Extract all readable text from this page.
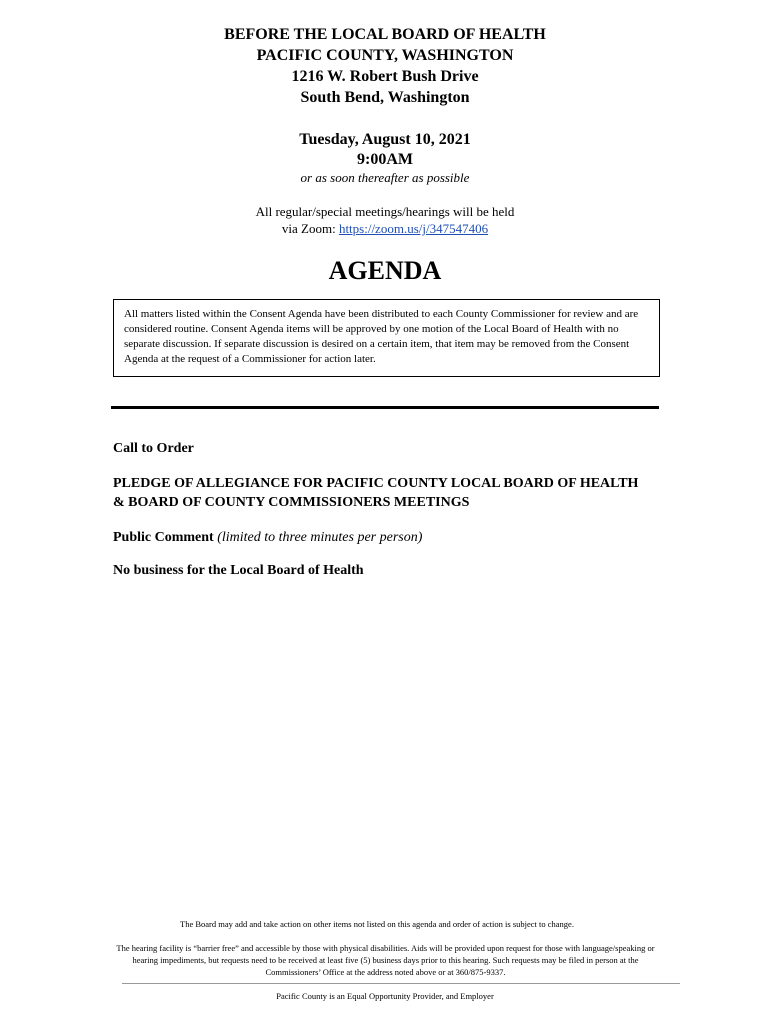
BEFORE THE LOCAL BOARD OF HEALTH
PACIFIC COUNTY, WASHINGTON
1216 W. Robert Bush Drive
South Bend, Washington
Tuesday, August 10, 2021
9:00AM
or as soon thereafter as possible
All regular/special meetings/hearings will be held
via Zoom: https://zoom.us/j/347547406
AGENDA
All matters listed within the Consent Agenda have been distributed to each County Commissioner for review and are considered routine. Consent Agenda items will be approved by one motion of the Local Board of Health with no separate discussion. If separate discussion is desired on a certain item, that item may be removed from the Consent Agenda at the request of a Commissioner for action later.
Call to Order
PLEDGE OF ALLEGIANCE FOR PACIFIC COUNTY LOCAL BOARD OF HEALTH & BOARD OF COUNTY COMMISSIONERS MEETINGS
Public Comment (limited to three minutes per person)
No business for the Local Board of Health
The Board may add and take action on other items not listed on this agenda and order of action is subject to change.
The hearing facility is “barrier free” and accessible by those with physical disabilities. Aids will be provided upon request for those with language/speaking or hearing impediments, but requests need to be received at least five (5) business days prior to this hearing. Such requests may be filed in person at the Commissioners’ Office at the address noted above or at 360/875-9337.
Pacific County is an Equal Opportunity Provider, and Employer
